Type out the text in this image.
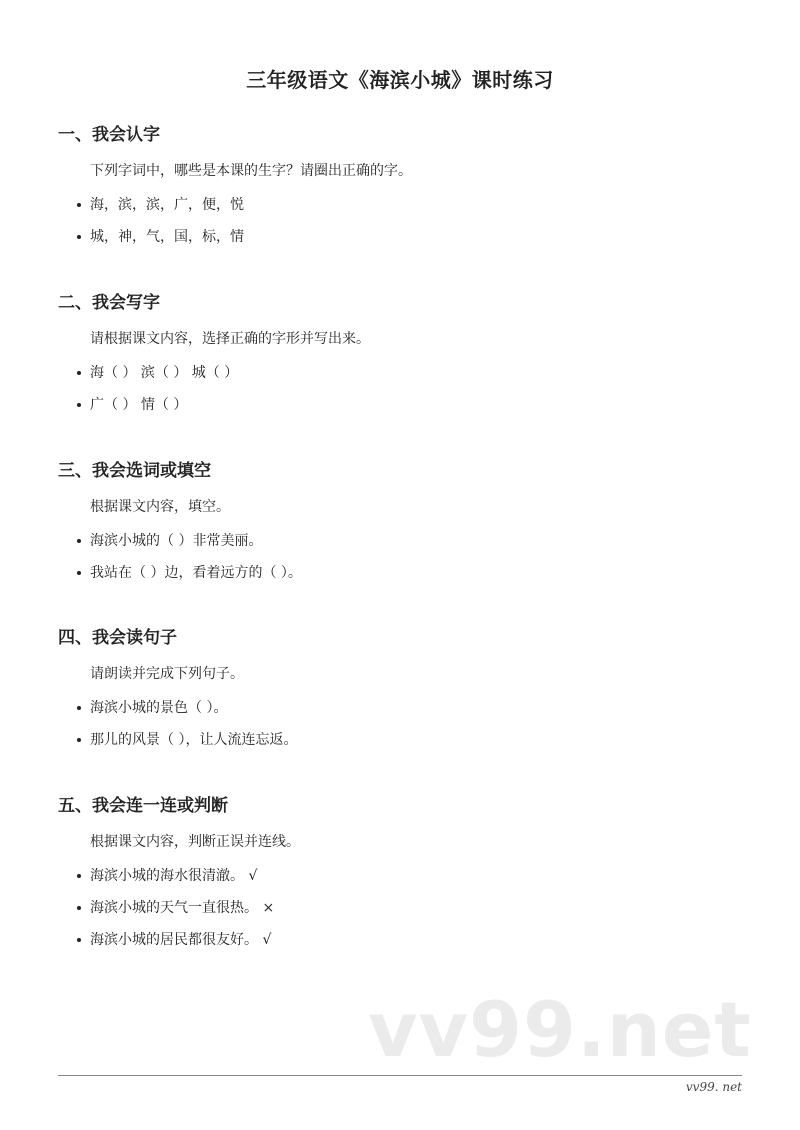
三年级语文《海滨小城》课时练习
一、我会认字
下列字词中，哪些是本课的生字？请圈出正确的字。
海，滨，滨，广，便，悦
城，神，气，国，标，情
二、我会写字
请根据课文内容，选择正确的字形并写出来。
海（ ） 滨（ ） 城（ ）
广（ ） 情（ ）
三、我会选词或填空
根据课文内容，填空。
海滨小城的（ ）非常美丽。
我站在（ ）边，看着远方的（ ）。
四、我会读句子
请朗读并完成下列句子。
海滨小城的景色（ ）。
那儿的风景（ ），让人流连忘返。
五、我会连一连或判断
根据课文内容，判断正误并连线。
海滨小城的海水很清澈。 √
海滨小城的天气一直很热。 ×
海滨小城的居民都很友好。 √
vv99.net
vv99. net
